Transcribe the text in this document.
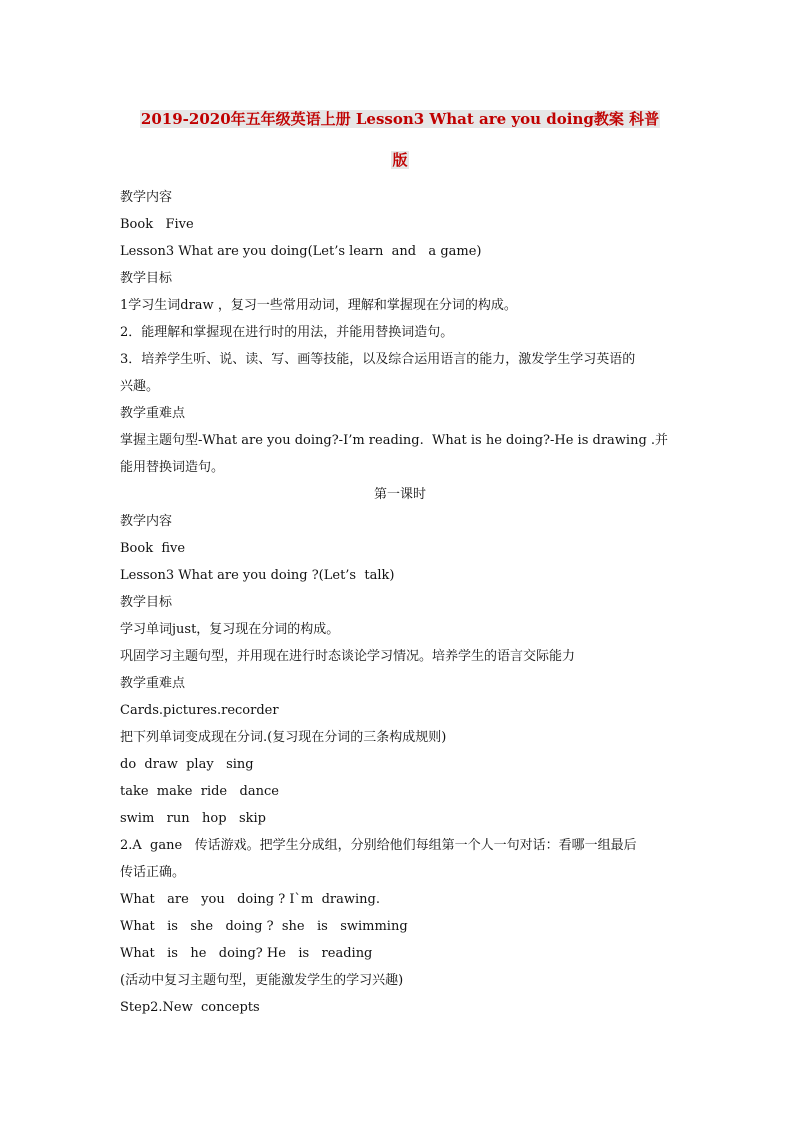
2019-2020年五年级英语上册 Lesson3 What are you doing教案 科普
版
教学内容
Book   Five
Lesson3 What are you doing(Let’s learn  and   a game)
教学目标
1学习生词draw ，复习一些常用动词，理解和掌握现在分词的构成。
2．能理解和掌握现在进行时的用法，并能用替换词造句。
3．培养学生听、说、读、写、画等技能，以及综合运用语言的能力，激发学生学习英语的
兴趣。
教学重难点
掌握主题句型-What are you doing?-I’m reading.  What is he doing?-He is drawing .并
能用替换词造句。
第一课时
教学内容
Book  five
Lesson3 What are you doing ?(Let’s  talk)
教学目标
学习单词just，复习现在分词的构成。
巩固学习主题句型，并用现在进行时态谈论学习情况。培养学生的语言交际能力
教学重难点
Cards.pictures.recorder
把下列单词变成现在分词.(复习现在分词的三条构成规则)
do  draw  play   sing
take  make  ride   dance
swim   run   hop   skip
2.A  gane   传话游戏。把学生分成组，分别给他们每组第一个人一句对话：看哪一组最后
传话正确。
What   are   you   doing ? I`m  drawing.
What   is   she   doing ?  she   is   swimming
What   is   he   doing? He   is   reading
(活动中复习主题句型，更能激发学生的学习兴趣)
Step2.New  concepts
